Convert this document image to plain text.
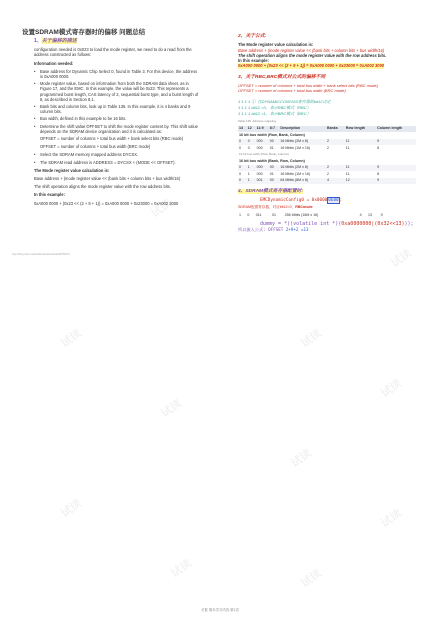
试读
试读
试读
试读
试读
试读
试读
试读
试读
试读
试读
试读
设置SDRAM模式寄存器时的偏移 问题总结
1、关于偏移的描述

configuration needed is 0x023 to load the mode register, we need to do a read from the address constructed as follows:

Information needed:

• Base address for Dynamic Chip Select 0, found in Table 3. For this device, the address is 0xA000 0000.
• Mode register value, based on information from both the SDRAM data sheet, as in Figure 17, and the EMC. In this example, the value will be 0x23. This represents a programmed burst length, CAS latency of 2, sequential burst type, and a burst length of 8, as described in Section 8.1.
• Bank bits and column bits, look up in Table 135. In this example, it is 4 banks and 9 column bits.
• Bus width, defined in this example to be 16 bits.
• Determine the shift value OFFSET to shift the mode register content by. This shift value depends on the SDRAM device organization and it is calculated as:

OFFSET = number of columns + total bus width + bank select bits (RBC mode)

OFFSET = number of columns + total bus width (BRC mode)

• Select the SDRAM memory mapped address DYCSX.
• The SDRAM read address is ADDRESS = DYCSX + (MODE << OFFSET).

The Mode register value calculation is:

Base address + (mode register value << (bank bits + column bits + bus width/16)

The shift operation aligns the mode register value with the row address bits.

In this example:

0xA000 0000 + (0x23 << (2 + 9 + 1)) = 0xA000 0000 + 0x23000 = 0xA002 3000

http://blog.csdn.net/liu0314/article/details/8790079
2、关于公式:
The Mode register value calculation is:
Base address + (mode register value << (bank bits + column bits + bus width/16)
The shift operation aligns the mode register value with the row address bits.
In this example:
0xA000 0000 + (0x23 << (2 + 9 + 1)) = 0xA000 0000 + 0x23000 = 0xA002 3000
3、关于RBC,BRC模式对公式的偏移不同
OFFSET = number of columns + total bus width + bank select bits (RBC mode)
OFFSET = number of columns + total bus width (BRC mode)
1 1 1 1 ①. 在DYNAMICCONFIG0寄存器的bit12决定
1 1 1 1 bit12 =0，表示RBC模式（RBC）
1 1 1 1 bit12 =1，表示BRC模式（BRC）
Table 135. Address mapping
14	12	11:9	8:7	Description	Banks	Row length	Column length
16 bit bus width (Row, Bank, Column)							
0	0	000	00	16 Mbits (2M x 8)	2	11	9
0	0	000	01	16 Mbits (1M x 16)	2	11	8
16 bit bus width (Row, Bank, Column)							
16 bit bus width (Bank, Row, Column)							
0	1	000	00	16 Mbits (2M x 8)	2	11	9
0	1	000	01	16 Mbits (1M x 16)	2	11	8
0	1	001	00	64 Mbits (8M x 8)	4	12	9
4、SDRAM模式寄存器配置时:
EMCDynamicConfig0 = 0x00000680;
SDRAM配置寄存器，对应bit12=0，RBCmode
1	0	011	01	256 Mbits (16M x 16)	4	13	9
dummy = *((volatile int *)(0xa0000000|(0x32<<13)));
所以嵌入公式: OFFSET 2+9+2 =13
长框 简本学习内容 第1页
